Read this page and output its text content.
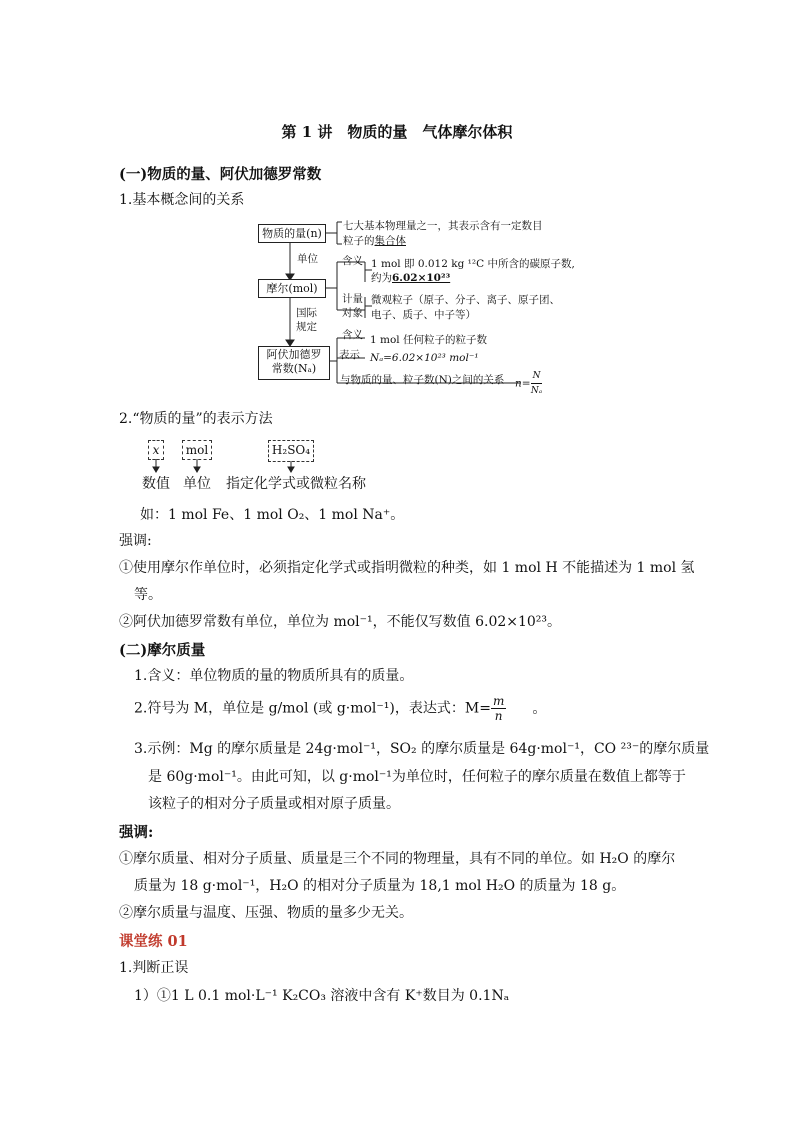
第 1 讲　物质的量　气体摩尔体积
(一)物质的量、阿伏加德罗常数
1.基本概念间的关系
物质的量(n)
七大基本物理量之一，其表示含有一定数目
粒子的集合体
单位
摩尔(mol)
含义 1 mol 即 0.012 kg ¹²C 中所含的碳原子数,
约为6.02×10²³
计量
对象
微观粒子（原子、分子、离子、原子团、
电子、质子、中子等）
国际
规定
阿伏加德罗
常数(Nₐ)
含义 1 mol 任何粒子的粒子数
表示 Nₐ=6.02×10²³ mol⁻¹
与物质的量、粒子数(N)之间的关系 $n= \frac{N}{\text{Nₐ}}$
2.“物质的量”的表示方法
x	mol	H₂SO₄
数值 单位 指定化学式或微粒名称
如：1 mol Fe、1 mol O₂、1 mol Na⁺。
强调:
①使用摩尔作单位时，必须指定化学式或指明微粒的种类，如 1 mol H 不能描述为 1 mol 氢
等。
②阿伏加德罗常数有单位，单位为 mol⁻¹，不能仅写数值 6.02×10²³。
(二)摩尔质量
1.含义：单位物质的量的物质所具有的质量。
2.符号为 M，单位是 g/mol (或 g·mol⁻¹)，表达式：$M= \frac{m}{n}$ 。
3.示例：Mg 的摩尔质量是 24g·mol⁻¹，SO₂ 的摩尔质量是 64g·mol⁻¹，CO ²³⁻的摩尔质量
是 60g·mol⁻¹。由此可知，以 g·mol⁻¹为单位时，任何粒子的摩尔质量在数值上都等于
该粒子的相对分子质量或相对原子质量。
强调:
①摩尔质量、相对分子质量、质量是三个不同的物理量，具有不同的单位。如 H₂O 的摩尔
质量为 18 g·mol⁻¹，H₂O 的相对分子质量为 18,1 mol H₂O 的质量为 18 g。
②摩尔质量与温度、压强、物质的量多少无关。
课堂练 01
1.判断正误
1）①1 L 0.1 mol·L⁻¹ K₂CO₃ 溶液中含有 K⁺数目为 0.1Nₐ
